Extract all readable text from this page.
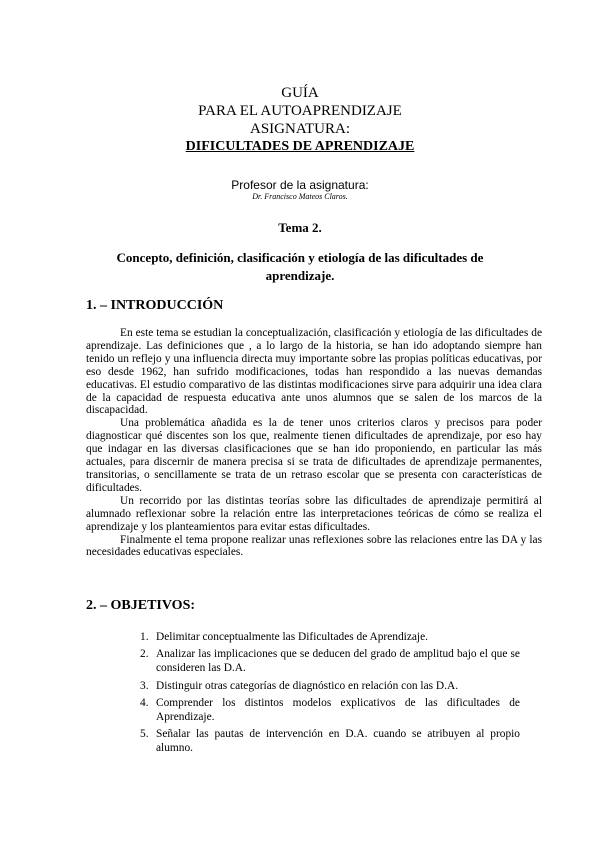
GUÍA
PARA EL AUTOAPRENDIZAJE
ASIGNATURA:
DIFICULTADES DE APRENDIZAJE
Profesor de la asignatura:
Dr. Francisco Mateos Claros.
Tema 2.
Concepto, definición, clasificación y etiología de las dificultades de aprendizaje.
1. – INTRODUCCIÓN

En este tema se estudian la conceptualización, clasificación y etiología de las dificultades de aprendizaje. Las definiciones que , a lo largo de la historia, se han ido adoptando siempre han tenido un reflejo y una influencia directa muy importante sobre las propias políticas educativas, por eso desde 1962, han sufrido modificaciones, todas han respondido a las nuevas demandas educativas. El estudio comparativo de las distintas modificaciones sirve para adquirir una idea clara de la capacidad de respuesta educativa ante unos alumnos que se salen de los marcos de la discapacidad.

Una problemática añadida es la de tener unos criterios claros y precisos para poder diagnosticar qué discentes son los que, realmente tienen dificultades de aprendizaje, por eso hay que indagar en las diversas clasificaciones que se han ido proponiendo, en particular las más actuales, para discernir de manera precisa si se trata de dificultades de aprendizaje permanentes, transitorias, o sencillamente se trata de un retraso escolar que se presenta con características de dificultades.

Un recorrido por las distintas teorías sobre las dificultades de aprendizaje permitirá al alumnado reflexionar sobre la relación entre las interpretaciones teóricas de cómo se realiza el aprendizaje y los planteamientos para evitar estas dificultades.

Finalmente el tema propone realizar unas reflexiones sobre las relaciones entre las DA y las necesidades educativas especiales.

2. – OBJETIVOS:
1. Delimitar conceptualmente las Dificultades de Aprendizaje.
2. Analizar las implicaciones que se deducen del grado de amplitud bajo el que se consideren las D.A.
3. Distinguir otras categorías de diagnóstico en relación con las D.A.
4. Comprender los distintos modelos explicativos de las dificultades de Aprendizaje.
5. Señalar las pautas de intervención en D.A. cuando se atribuyen al propio alumno.
